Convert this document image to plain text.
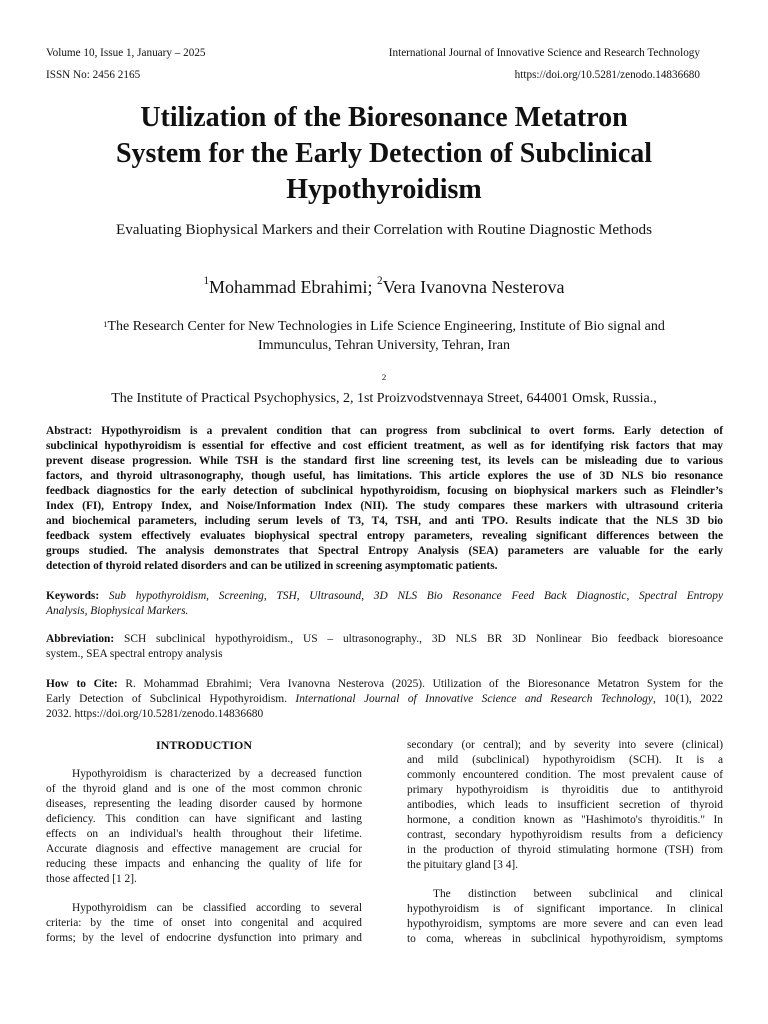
Volume 10, Issue 1, January – 2025
ISSN No: 2456 2165
International Journal of Innovative Science and Research Technology
https://doi.org/10.5281/zenodo.14836680
Utilization of the Bioresonance Metatron
System for the Early Detection of Subclinical
Hypothyroidism
Evaluating Biophysical Markers and their Correlation with Routine Diagnostic Methods
$^1$Mohammad Ebrahimi; $^2$Vera Ivanovna Nesterova
$^1$The Research Center for New Technologies in Life Science Engineering, Institute of Bio signal and
Immunculus, Tehran University, Tehran, Iran
$^2$
The Institute of Practical Psychophysics, 2, 1st Proizvodstvennaya Street, 644001 Omsk, Russia.,
Abstract: Hypothyroidism is a prevalent condition that can progress from subclinical to overt forms. Early detection of
subclinical hypothyroidism is essential for effective and cost efficient treatment, as well as for identifying risk factors that may
prevent disease progression. While TSH is the standard first line screening test, its levels can be misleading due to various
factors, and thyroid ultrasonography, though useful, has limitations. This article explores the use of 3D NLS bio resonance
feedback diagnostics for the early detection of subclinical hypothyroidism, focusing on biophysical markers such as Fleindler’s
Index (FI), Entropy Index, and Noise/Information Index (NII). The study compares these markers with ultrasound criteria
and biochemical parameters, including serum levels of T3, T4, TSH, and anti TPO. Results indicate that the NLS 3D bio
feedback system effectively evaluates biophysical spectral entropy parameters, revealing significant differences between the
groups studied. The analysis demonstrates that Spectral Entropy Analysis (SEA) parameters are valuable for the early
detection of thyroid related disorders and can be utilized in screening asymptomatic patients.
Keywords: Sub hypothyroidism, Screening, TSH, Ultrasound, 3D NLS Bio Resonance Feed Back Diagnostic, Spectral Entropy
Analysis, Biophysical Markers.
Abbreviation: SCH subclinical hypothyroidism., US – ultrasonography., 3D NLS BR 3D Nonlinear Bio feedback bioresoance
system., SEA spectral entropy analysis
How to Cite: R. Mohammad Ebrahimi; Vera Ivanovna Nesterova (2025). Utilization of the Bioresonance Metatron System for the
Early Detection of Subclinical Hypothyroidism. International Journal of Innovative Science and Research Technology, 10(1), 2022
2032. https://doi.org/10.5281/zenodo.14836680
INTRODUCTION
Hypothyroidism is characterized by a decreased function
of the thyroid gland and is one of the most common chronic
diseases, representing the leading disorder caused by hormone
deficiency. This condition can have significant and lasting
effects on an individual's health throughout their lifetime.
Accurate diagnosis and effective management are crucial for
reducing these impacts and enhancing the quality of life for
those affected [1 2].
Hypothyroidism can be classified according to several
criteria: by the time of onset into congenital and acquired
forms; by the level of endocrine dysfunction into primary and
secondary (or central); and by severity into severe (clinical)
and mild (subclinical) hypothyroidism (SCH). It is a
commonly encountered condition. The most prevalent cause of
primary hypothyroidism is thyroiditis due to antithyroid
antibodies, which leads to insufficient secretion of thyroid
hormone, a condition known as "Hashimoto's thyroiditis." In
contrast, secondary hypothyroidism results from a deficiency
in the production of thyroid stimulating hormone (TSH) from
the pituitary gland [3 4].
The distinction between subclinical and clinical
hypothyroidism is of significant importance. In clinical
hypothyroidism, symptoms are more severe and can even lead
to coma, whereas in subclinical hypothyroidism, symptoms
